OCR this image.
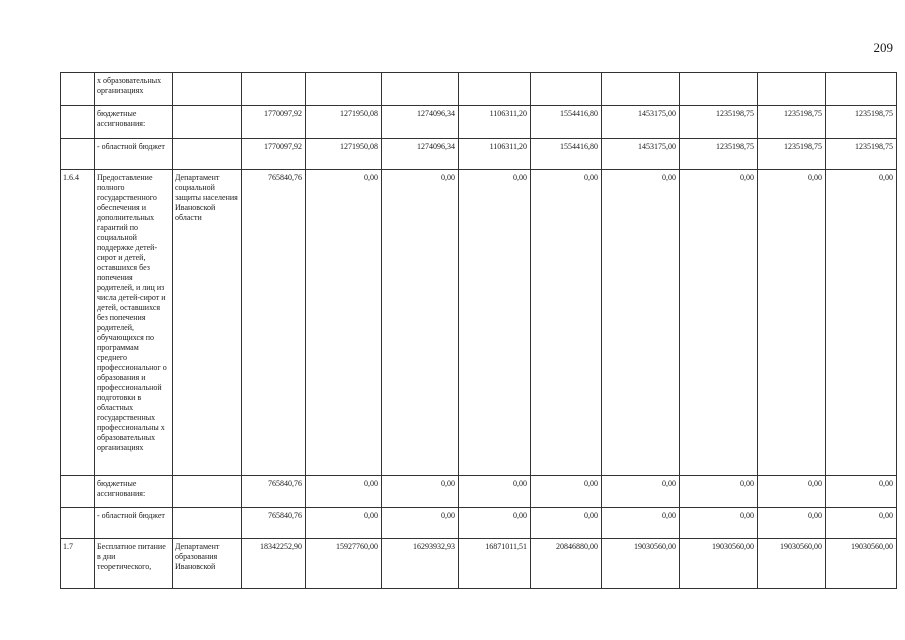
209
	х образовательных организациях										
	бюджетные ассигнования:		1770097,92	1271950,08	1274096,34	1106311,20	1554416,80	1453175,00	1235198,75	1235198,75	1235198,75
	- областной бюджет		1770097,92	1271950,08	1274096,34	1106311,20	1554416,80	1453175,00	1235198,75	1235198,75	1235198,75
1.6.4	Предоставление полного государственного обеспечения и дополнительных гарантий по социальной поддержке детей-сирот и детей, оставшихся без попечения родителей, и лиц из числа детей-сирот и детей, оставшихся без попечения родителей, обучающихся по программам среднего профессиональног о образования и профессиональной подготовки в областных государственных профессиональны х образовательных организациях	Департамент социальной защиты населения Ивановской области	765840,76	0,00	0,00	0,00	0,00	0,00	0,00	0,00	0,00
	бюджетные ассигнования:		765840,76	0,00	0,00	0,00	0,00	0,00	0,00	0,00	0,00
	- областной бюджет		765840,76	0,00	0,00	0,00	0,00	0,00	0,00	0,00	0,00
1.7	Бесплатное питание в дни теоретического,	Департамент образования Ивановской	18342252,90	15927760,00	16293932,93	16871011,51	20846880,00	19030560,00	19030560,00	19030560,00	19030560,00
